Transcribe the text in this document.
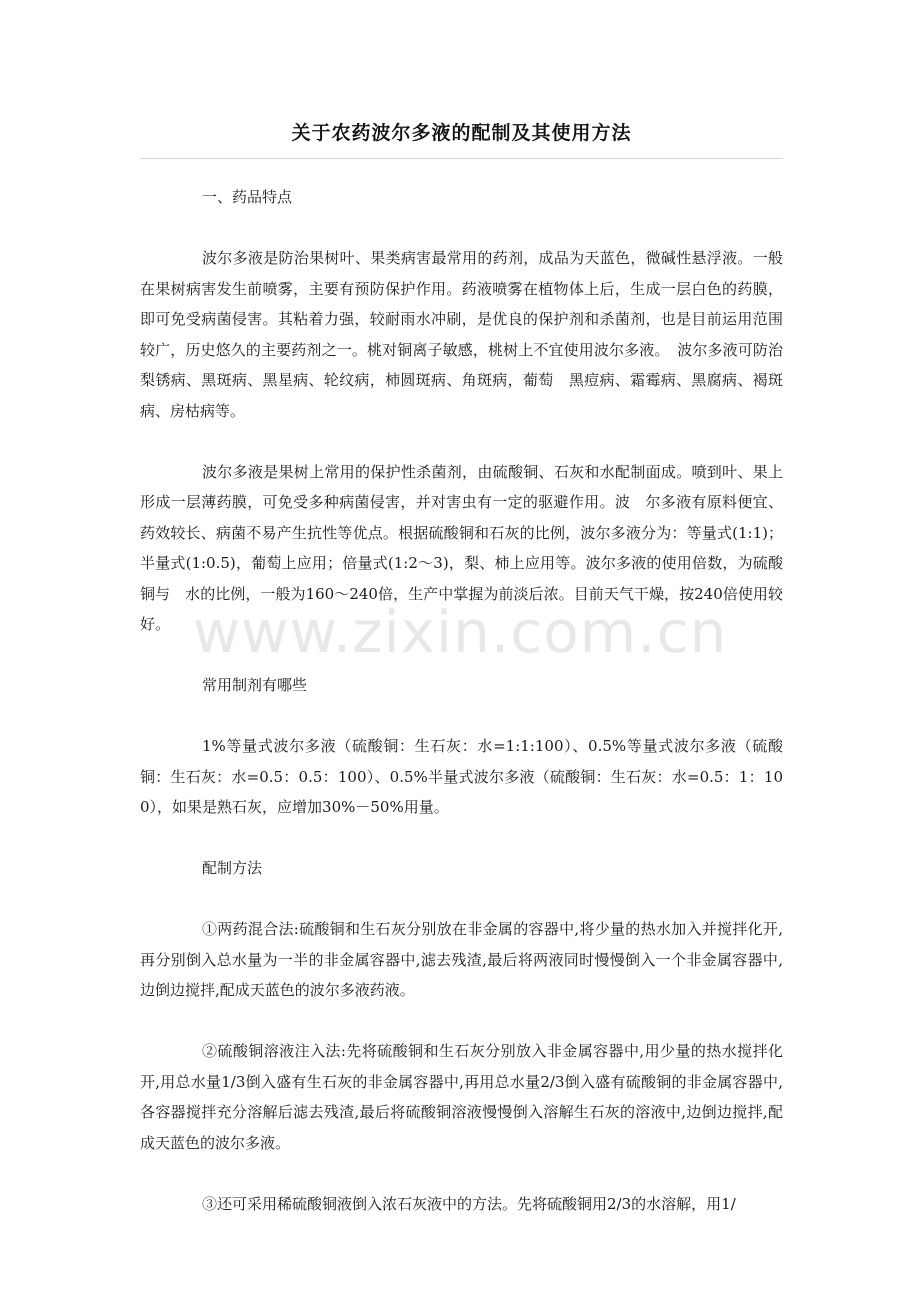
关于农药波尔多液的配制及其使用方法

一、药品特点

波尔多液是防治果树叶、果类病害最常用的药剂，成品为天蓝色，微碱性悬浮液。一般在果树病害发生前喷雾，主要有预防保护作用。药液喷雾在植物体上后，生成一层白色的药膜，即可免受病菌侵害。其粘着力强，较耐雨水冲刷，是优良的保护剂和杀菌剂，也是目前运用范围较广，历史悠久的主要药剂之一。桃对铜离子敏感，桃树上不宜使用波尔多液。　波尔多液可防治梨锈病、黑斑病、黑星病、轮纹病，柿圆斑病、角斑病，葡萄　黑痘病、霜霉病、黑腐病、褐斑病、房枯病等。

波尔多液是果树上常用的保护性杀菌剂，由硫酸铜、石灰和水配制面成。喷到叶、果上形成一层薄药膜，可免受多种病菌侵害，并对害虫有一定的驱避作用。波　尔多液有原料便宜、药效较长、病菌不易产生抗性等优点。根据硫酸铜和石灰的比例，波尔多液分为：等量式(1:1)；半量式(1:0.5)，葡萄上应用；倍量式(1:2～3)，梨、柿上应用等。波尔多液的使用倍数，为硫酸铜与　水的比例，一般为160～240倍，生产中掌握为前淡后浓。目前天气干燥，按240倍使用较好。

常用制剂有哪些

1%等量式波尔多液（硫酸铜：生石灰：水=1:1:100）、0.5%等量式波尔多液（硫酸铜：生石灰：水=0.5：0.5：100）、0.5%半量式波尔多液（硫酸铜：生石灰：水=0.5：1：100），如果是熟石灰，应增加30%－50%用量。

配制方法

①两药混合法:硫酸铜和生石灰分别放在非金属的容器中,将少量的热水加入并搅拌化开,再分别倒入总水量为一半的非金属容器中,滤去残渣,最后将两液同时慢慢倒入一个非金属容器中,边倒边搅拌,配成天蓝色的波尔多液药液。

②硫酸铜溶液注入法:先将硫酸铜和生石灰分别放入非金属容器中,用少量的热水搅拌化开,用总水量1/3倒入盛有生石灰的非金属容器中,再用总水量2/3倒入盛有硫酸铜的非金属容器中,各容器搅拌充分溶解后滤去残渣,最后将硫酸铜溶液慢慢倒入溶解生石灰的溶液中,边倒边搅拌,配成天蓝色的波尔多液。

③还可采用稀硫酸铜液倒入浓石灰液中的方法。先将硫酸铜用2/3的水溶解，用1/

www.zixin.com.cn
